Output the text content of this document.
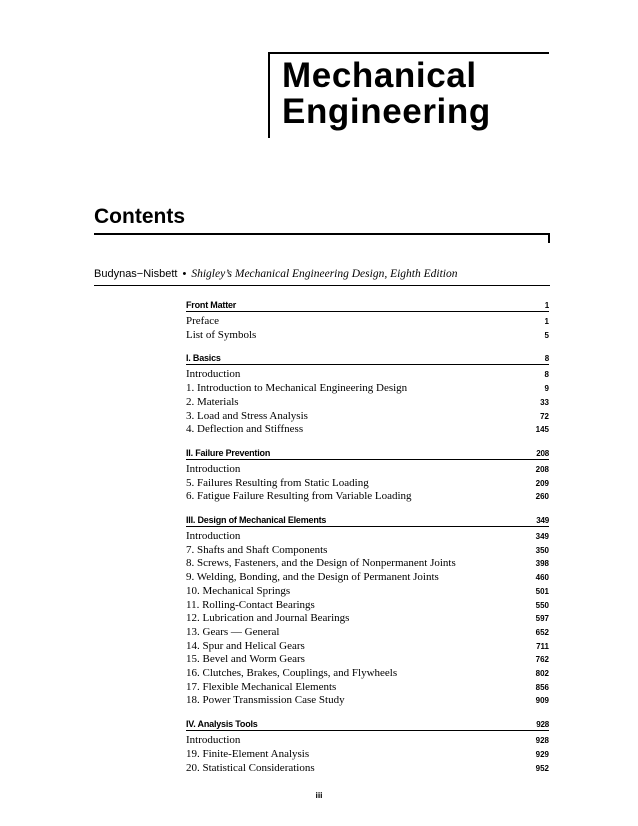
Mechanical
Engineering
Contents
Budynas−Nisbett • Shigley’s Mechanical Engineering Design, Eighth Edition
Front Matter	1
Preface	1
List of Symbols	5
I. Basics	8
Introduction	8
1. Introduction to Mechanical Engineering Design	9
2. Materials	33
3. Load and Stress Analysis	72
4. Deflection and Stiffness	145
II. Failure Prevention	208
Introduction	208
5. Failures Resulting from Static Loading	209
6. Fatigue Failure Resulting from Variable Loading	260
III. Design of Mechanical Elements	349
Introduction	349
7. Shafts and Shaft Components	350
8. Screws, Fasteners, and the Design of Nonpermanent Joints	398
9. Welding, Bonding, and the Design of Permanent Joints	460
10. Mechanical Springs	501
11. Rolling-Contact Bearings	550
12. Lubrication and Journal Bearings	597
13. Gears — General	652
14. Spur and Helical Gears	711
15. Bevel and Worm Gears	762
16. Clutches, Brakes, Couplings, and Flywheels	802
17. Flexible Mechanical Elements	856
18. Power Transmission Case Study	909
IV. Analysis Tools	928
Introduction	928
19. Finite-Element Analysis	929
20. Statistical Considerations	952
iii
